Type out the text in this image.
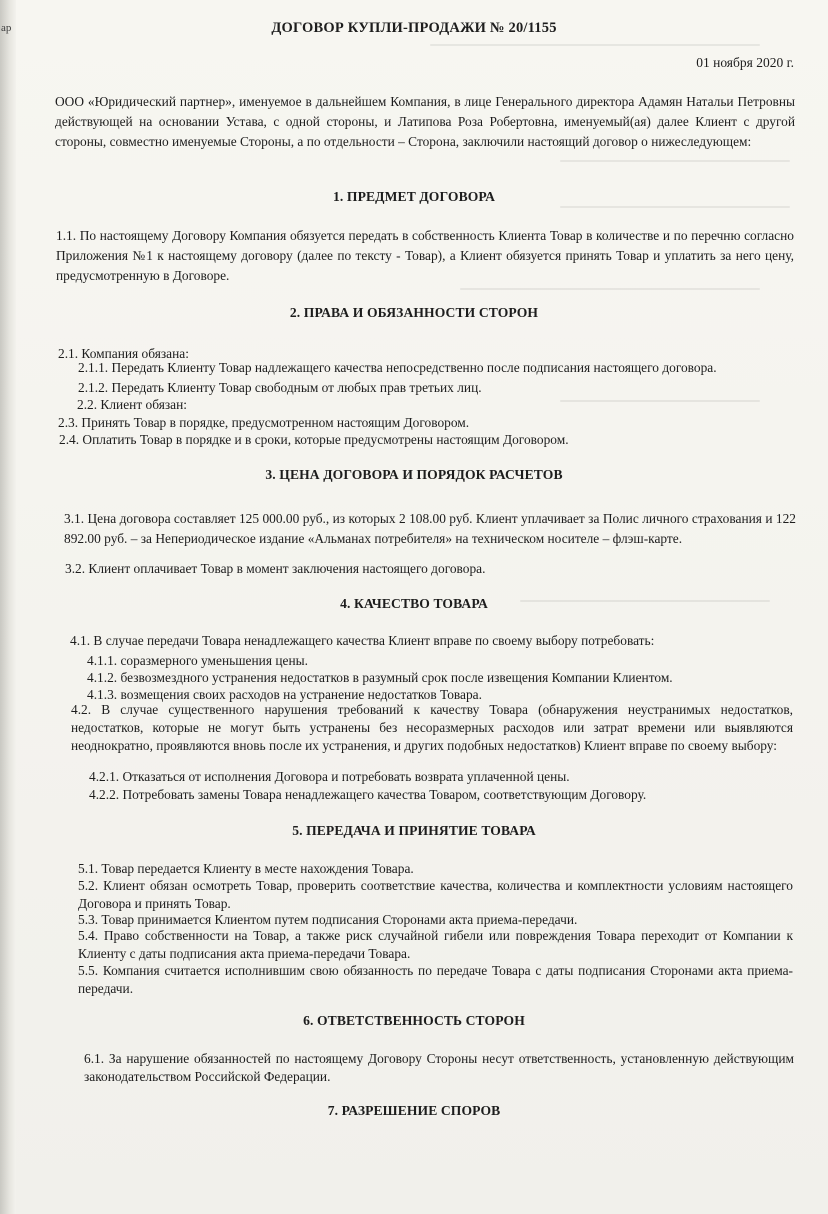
ар	ДОГОВОР КУПЛИ-ПРОДАЖИ № 20/1155
01 ноября 2020 г.

ООО «Юридический партнер», именуемое в дальнейшем Компания, в лице Генерального директора Адамян Натальи Петровны действующей на основании Устава, с одной стороны, и Латипова Роза Робертовна, именуемый(ая) далее Клиент с другой стороны, совместно именуемые Стороны, а по отдельности – Сторона, заключили настоящий договор о нижеследующем:

1. ПРЕДМЕТ ДОГОВОРА

1.1. По настоящему Договору Компания обязуется передать в собственность Клиента Товар в количестве и по перечню согласно Приложения №1 к настоящему договору (далее по тексту - Товар), а Клиент обязуется принять Товар и уплатить за него цену, предусмотренную в Договоре.

2. ПРАВА И ОБЯЗАННОСТИ СТОРОН
2.1. Компания обязана:
2.1.1. Передать Клиенту Товар надлежащего качества непосредственно после подписания настоящего договора.
2.1.2. Передать Клиенту Товар свободным от любых прав третьих лиц.
2.2. Клиент обязан:
2.3. Принять Товар в порядке, предусмотренном настоящим Договором.
2.4. Оплатить Товар в порядке и в сроки, которые предусмотрены настоящим Договором.
3. ЦЕНА ДОГОВОРА И ПОРЯДОК РАСЧЕТОВ

3.1. Цена договора составляет 125 000.00 руб., из которых 2 108.00 руб. Клиент уплачивает за Полис личного страхования и 122 892.00 руб. – за Непериодическое издание «Альманах потребителя» на техническом носителе – флэш-карте.

3.2. Клиент оплачивает Товар в момент заключения настоящего договора.
4. КАЧЕСТВО ТОВАРА
4.1. В случае передачи Товара ненадлежащего качества Клиент вправе по своему выбору потребовать:
4.1.1. соразмерного уменьшения цены.
4.1.2. безвозмездного устранения недостатков в разумный срок после извещения Компании Клиентом.
4.1.3. возмещения своих расходов на устранение недостатков Товара.

4.2. В случае существенного нарушения требований к качеству Товара (обнаружения неустранимых недостатков, недостатков, которые не могут быть устранены без несоразмерных расходов или затрат времени или выявляются неоднократно, проявляются вновь после их устранения, и других подобных недостатков) Клиент вправе по своему выбору:

4.2.1. Отказаться от исполнения Договора и потребовать возврата уплаченной цены.
4.2.2. Потребовать замены Товара ненадлежащего качества Товаром, соответствующим Договору.
5. ПЕРЕДАЧА И ПРИНЯТИЕ ТОВАРА
5.1. Товар передается Клиенту в месте нахождения Товара.

5.2. Клиент обязан осмотреть Товар, проверить соответствие качества, количества и комплектности условиям настоящего Договора и принять Товар.

5.3. Товар принимается Клиентом путем подписания Сторонами акта приема-передачи.

5.4. Право собственности на Товар, а также риск случайной гибели или повреждения Товара переходит от Компании к Клиенту с даты подписания акта приема-передачи Товара.

5.5. Компания считается исполнившим свою обязанность по передаче Товара с даты подписания Сторонами акта приема-передачи.

6. ОТВЕТСТВЕННОСТЬ СТОРОН

6.1. За нарушение обязанностей по настоящему Договору Стороны несут ответственность, установленную действующим законодательством Российской Федерации.

7. РАЗРЕШЕНИЕ СПОРОВ
